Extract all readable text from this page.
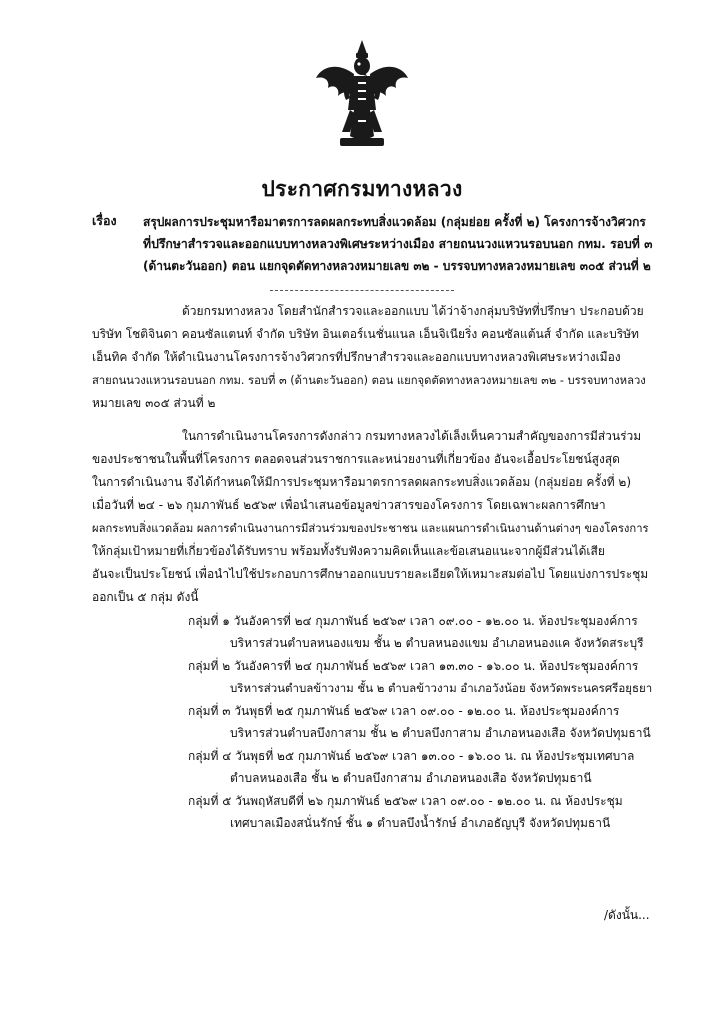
ประกาศกรมทางหลวง
เรื่อง สรุปผลการประชุมหารือมาตรการลดผลกระทบสิ่งแวดล้อม (กลุ่มย่อย ครั้งที่ ๒) โครงการจ้างวิศวกร
ที่ปรึกษาสำรวจและออกแบบทางหลวงพิเศษระหว่างเมือง สายถนนวงแหวนรอบนอก กทม. รอบที่ ๓
(ด้านตะวันออก) ตอน แยกจุดตัดทางหลวงหมายเลข ๓๒ - บรรจบทางหลวงหมายเลข ๓๐๕ ส่วนที่ ๒
ด้วยกรมทางหลวง โดยสำนักสำรวจและออกแบบ ได้ว่าจ้างกลุ่มบริษัทที่ปรึกษา ประกอบด้วย
บริษัท โชติจินดา คอนซัลแตนท์ จำกัด บริษัท อินเตอร์เนชั่นแนล เอ็นจิเนียริ่ง คอนซัลแต้นส์ จำกัด และบริษัท
เอ็นทิค จำกัด ให้ดำเนินงานโครงการจ้างวิศวกรที่ปรึกษาสำรวจและออกแบบทางหลวงพิเศษระหว่างเมือง
สายถนนวงแหวนรอบนอก กทม. รอบที่ ๓ (ด้านตะวันออก) ตอน แยกจุดตัดทางหลวงหมายเลข ๓๒ - บรรจบทางหลวง
หมายเลข ๓๐๕ ส่วนที่ ๒
ในการดำเนินงานโครงการดังกล่าว กรมทางหลวงได้เล็งเห็นความสำคัญของการมีส่วนร่วม
ของประชาชนในพื้นที่โครงการ ตลอดจนส่วนราชการและหน่วยงานที่เกี่ยวข้อง อันจะเอื้อประโยชน์สูงสุด
ในการดำเนินงาน จึงได้กำหนดให้มีการประชุมหารือมาตรการลดผลกระทบสิ่งแวดล้อม (กลุ่มย่อย ครั้งที่ ๒)
เมื่อวันที่ ๒๔ - ๒๖ กุมภาพันธ์ ๒๕๖๙ เพื่อนำเสนอข้อมูลข่าวสารของโครงการ โดยเฉพาะผลการศึกษา
ผลกระทบสิ่งแวดล้อม ผลการดำเนินงานการมีส่วนร่วมของประชาชน และแผนการดำเนินงานด้านต่างๆ ของโครงการ
ให้กลุ่มเป้าหมายที่เกี่ยวข้องได้รับทราบ พร้อมทั้งรับฟังความคิดเห็นและข้อเสนอแนะจากผู้มีส่วนได้เสีย
อันจะเป็นประโยชน์ เพื่อนำไปใช้ประกอบการศึกษาออกแบบรายละเอียดให้เหมาะสมต่อไป โดยแบ่งการประชุม
ออกเป็น ๕ กลุ่ม ดังนี้
กลุ่มที่ ๑ วันอังคารที่ ๒๔ กุมภาพันธ์ ๒๕๖๙ เวลา ๐๙.๐๐ - ๑๒.๐๐ น. ห้องประชุมองค์การ
บริหารส่วนตำบลหนองแขม ชั้น ๒ ตำบลหนองแขม อำเภอหนองแค จังหวัดสระบุรี
กลุ่มที่ ๒ วันอังคารที่ ๒๔ กุมภาพันธ์ ๒๕๖๙ เวลา ๑๓.๓๐ - ๑๖.๐๐ น. ห้องประชุมองค์การ
บริหารส่วนตำบลข้าวงาม ชั้น ๒ ตำบลข้าวงาม อำเภอวังน้อย จังหวัดพระนครศรีอยุธยา
กลุ่มที่ ๓ วันพุธที่ ๒๕ กุมภาพันธ์ ๒๕๖๙ เวลา ๐๙.๐๐ - ๑๒.๐๐ น. ห้องประชุมองค์การ
บริหารส่วนตำบลบึงกาสาม ชั้น ๒ ตำบลบึงกาสาม อำเภอหนองเสือ จังหวัดปทุมธานี
กลุ่มที่ ๔ วันพุธที่ ๒๕ กุมภาพันธ์ ๒๕๖๙ เวลา ๑๓.๐๐ - ๑๖.๐๐ น. ณ ห้องประชุมเทศบาล
ตำบลหนองเสือ ชั้น ๒ ตำบลบึงกาสาม อำเภอหนองเสือ จังหวัดปทุมธานี
กลุ่มที่ ๕ วันพฤหัสบดีที่ ๒๖ กุมภาพันธ์ ๒๕๖๙ เวลา ๐๙.๐๐ - ๑๒.๐๐ น. ณ ห้องประชุม
เทศบาลเมืองสนั่นรักษ์ ชั้น ๑ ตำบลบึงน้ำรักษ์ อำเภอธัญบุรี จังหวัดปทุมธานี
/ดังนั้น...
